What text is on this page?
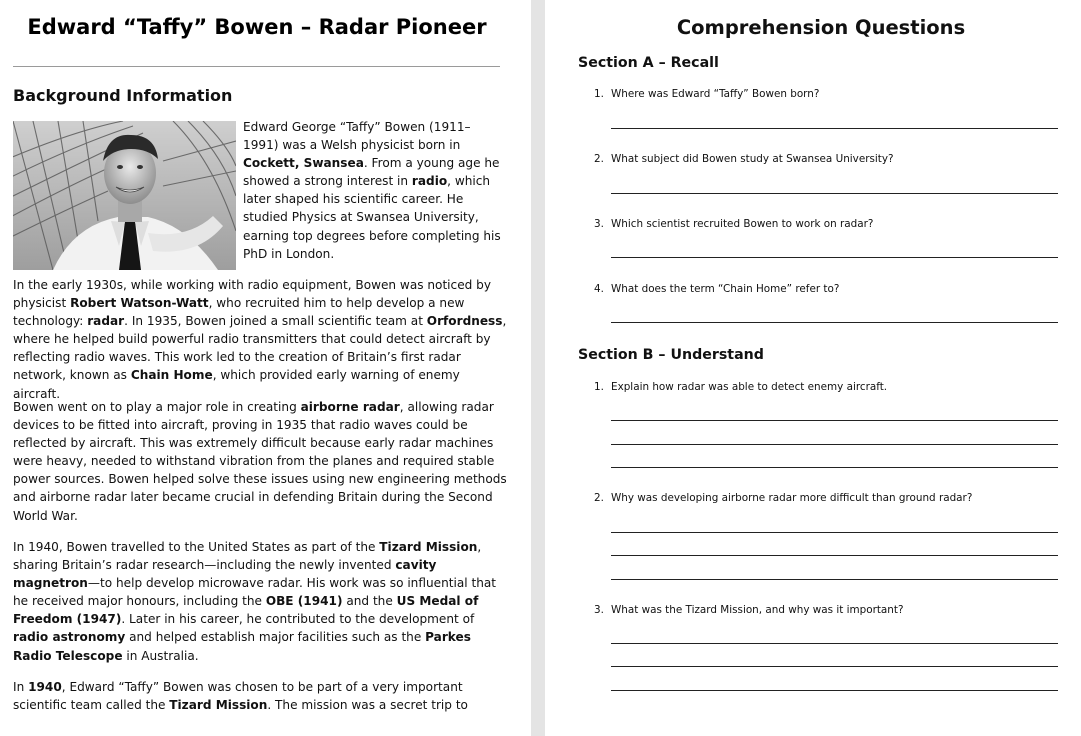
Edward “Taffy” Bowen – Radar Pioneer
Background Information

Edward George “Taffy” Bowen (1911–1991) was a Welsh physicist born in Cockett, Swansea. From a young age he showed a strong interest in radio, which later shaped his scientific career. He studied Physics at Swansea University, earning top degrees before completing his PhD in London.

In the early 1930s, while working with radio equipment, Bowen was noticed by physicist Robert Watson-Watt, who recruited him to help develop a new technology: radar. In 1935, Bowen joined a small scientific team at Orfordness, where he helped build powerful radio transmitters that could detect aircraft by reflecting radio waves. This work led to the creation of Britain’s first radar network, known as Chain Home, which provided early warning of enemy aircraft.

Bowen went on to play a major role in creating airborne radar, allowing radar devices to be fitted into aircraft, proving in 1935 that radio waves could be reflected by aircraft. This was extremely difficult because early radar machines were heavy, needed to withstand vibration from the planes and required stable power sources. Bowen helped solve these issues using new engineering methods and airborne radar later became crucial in defending Britain during the Second World War.

In 1940, Bowen travelled to the United States as part of the Tizard Mission, sharing Britain’s radar research—including the newly invented cavity magnetron—to help develop microwave radar. His work was so influential that he received major honours, including the OBE (1941) and the US Medal of Freedom (1947). Later in his career, he contributed to the development of radio astronomy and helped establish major facilities such as the Parkes Radio Telescope in Australia.

In 1940, Edward “Taffy” Bowen was chosen to be part of a very important scientific team called the Tizard Mission. The mission was a secret trip to

Comprehension Questions
Section A – Recall
1. Where was Edward “Taffy” Bowen born?
2. What subject did Bowen study at Swansea University?
3. Which scientist recruited Bowen to work on radar?
4. What does the term “Chain Home” refer to?
Section B – Understand
1. Explain how radar was able to detect enemy aircraft.
2. Why was developing airborne radar more difficult than ground radar?
3. What was the Tizard Mission, and why was it important?
